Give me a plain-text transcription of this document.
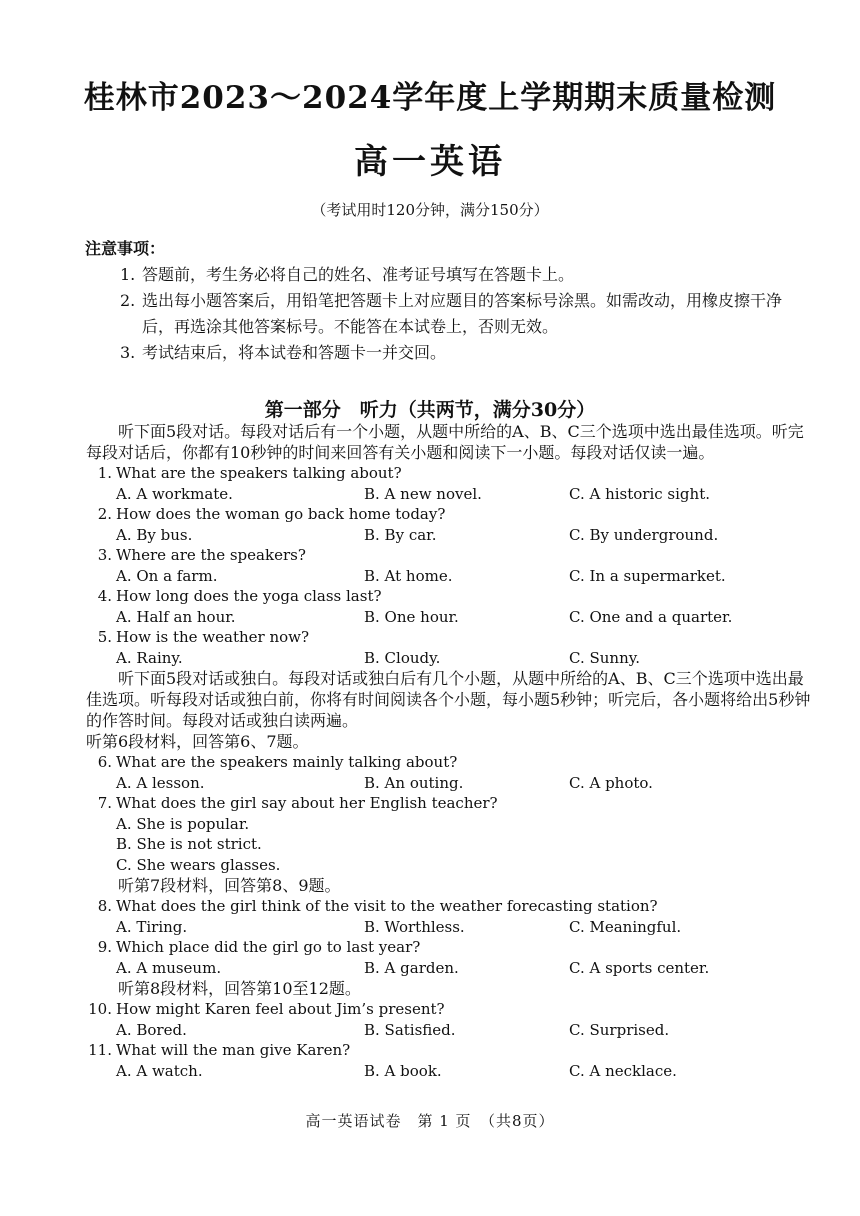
桂林市2023～2024学年度上学期期末质量检测
高一英语
（考试用时120分钟，满分150分）
注意事项：
1. 答题前，考生务必将自己的姓名、准考证号填写在答题卡上。
2. 选出每小题答案后，用铅笔把答题卡上对应题目的答案标号涂黑。如需改动，用橡皮擦干净后，再选涂其他答案标号。不能答在本试卷上，否则无效。
3. 考试结束后，将本试卷和答题卡一并交回。
第一部分　听力（共两节，满分30分）
听下面5段对话。每段对话后有一个小题，从题中所给的A、B、C三个选项中选出最佳选项。听完每段对话后，你都有10秒钟的时间来回答有关小题和阅读下一小题。每段对话仅读一遍。
1. What are the speakers talking about?
A. A workmate.	B. A new novel.	C. A historic sight.
2. How does the woman go back home today?
A. By bus.	B. By car.	C. By underground.
3. Where are the speakers?
A. On a farm.	B. At home.	C. In a supermarket.
4. How long does the yoga class last?
A. Half an hour.	B. One hour.	C. One and a quarter.
5. How is the weather now?
A. Rainy.	B. Cloudy.	C. Sunny.
听下面5段对话或独白。每段对话或独白后有几个小题，从题中所给的A、B、C三个选项中选出最佳选项。听每段对话或独白前，你将有时间阅读各个小题，每小题5秒钟；听完后，各小题将给出5秒钟的作答时间。每段对话或独白读两遍。
听第6段材料，回答第6、7题。
6. What are the speakers mainly talking about?
A. A lesson.	B. An outing.	C. A photo.
7. What does the girl say about her English teacher?
A. She is popular.
B. She is not strict.
C. She wears glasses.
听第7段材料，回答第8、9题。
8. What does the girl think of the visit to the weather forecasting station?
A. Tiring.	B. Worthless.	C. Meaningful.
9. Which place did the girl go to last year?
A. A museum.	B. A garden.	C. A sports center.
听第8段材料，回答第10至12题。
10. How might Karen feel about Jim’s present?
A. Bored.	B. Satisfied.	C. Surprised.
11. What will the man give Karen?
A. A watch.	B. A book.	C. A necklace.
高一英语试卷　第 1 页　（共8页）
